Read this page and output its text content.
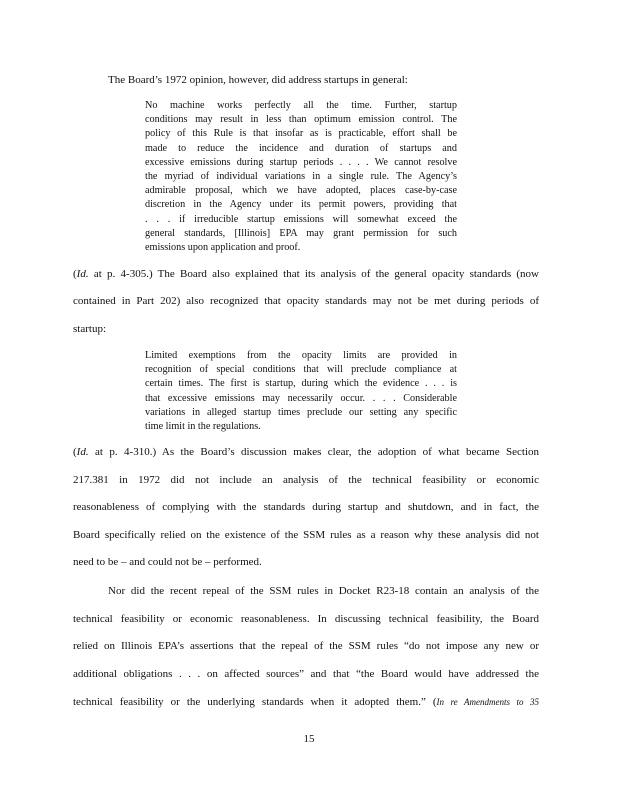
The Board’s 1972 opinion, however, did address startups in general:
No machine works perfectly all the time. Further, startup
conditions may result in less than optimum emission control. The
policy of this Rule is that insofar as is practicable, effort shall be
made to reduce the incidence and duration of startups and
excessive emissions during startup periods . . . . We cannot resolve
the myriad of individual variations in a single rule. The Agency’s
admirable proposal, which we have adopted, places case-by-case
discretion in the Agency under its permit powers, providing that
. . . if irreducible startup emissions will somewhat exceed the
general standards, [Illinois] EPA may grant permission for such
emissions upon application and proof.
(Id. at p. 4-305.) The Board also explained that its analysis of the general opacity standards (now
contained in Part 202) also recognized that opacity standards may not be met during periods of
startup:
Limited exemptions from the opacity limits are provided in
recognition of special conditions that will preclude compliance at
certain times. The first is startup, during which the evidence . . . is
that excessive emissions may necessarily occur. . . . Considerable
variations in alleged startup times preclude our setting any specific
time limit in the regulations.
(Id. at p. 4-310.) As the Board’s discussion makes clear, the adoption of what became Section
217.381 in 1972 did not include an analysis of the technical feasibility or economic
reasonableness of complying with the standards during startup and shutdown, and in fact, the
Board specifically relied on the existence of the SSM rules as a reason why these analysis did not
need to be – and could not be – performed.
Nor did the recent repeal of the SSM rules in Docket R23-18 contain an analysis of the
technical feasibility or economic reasonableness. In discussing technical feasibility, the Board
relied on Illinois EPA’s assertions that the repeal of the SSM rules “do not impose any new or
additional obligations . . . on affected sources” and that “the Board would have addressed the
technical feasibility or the underlying standards when it adopted them.” (In re Amendments to 35
15
